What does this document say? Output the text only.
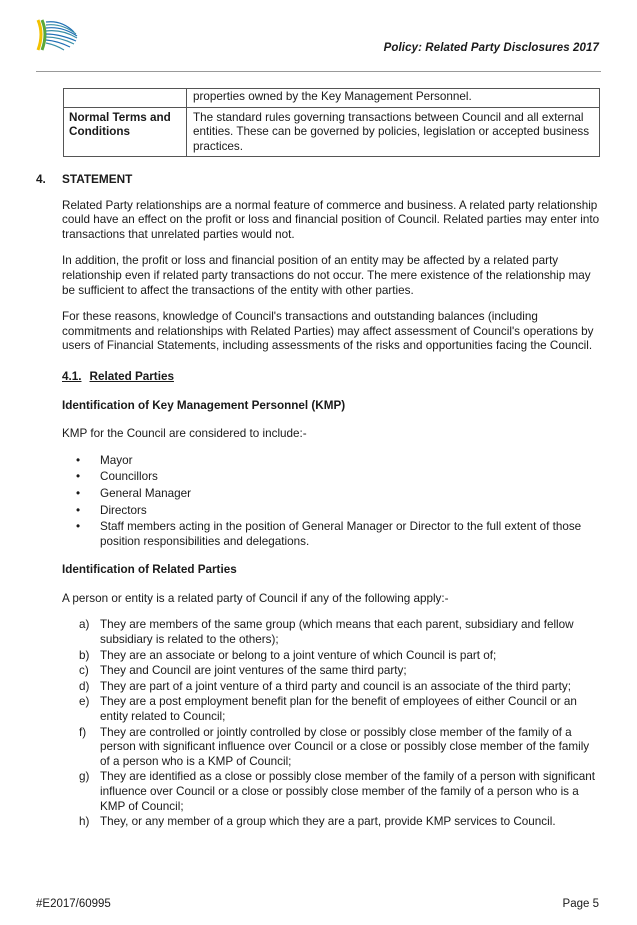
Policy: Related Party Disclosures 2017
	properties owned by the Key Management Personnel.
Normal Terms and Conditions	The standard rules governing transactions between Council and all external entities. These can be governed by policies, legislation or accepted business practices.
4.	STATEMENT

Related Party relationships are a normal feature of commerce and business. A related party relationship could have an effect on the profit or loss and financial position of Council. Related parties may enter into transactions that unrelated parties would not.

In addition, the profit or loss and financial position of an entity may be affected by a related party relationship even if related party transactions do not occur. The mere existence of the relationship may be sufficient to affect the transactions of the entity with other parties.

For these reasons, knowledge of Council's transactions and outstanding balances (including commitments and relationships with Related Parties) may affect assessment of Council's operations by users of Financial Statements, including assessments of the risks and opportunities facing the Council.

4.1. Related Parties
Identification of Key Management Personnel (KMP)

KMP for the Council are considered to include:-

•	Mayor
•	Councillors
•	General Manager
•	Directors
•	Staff members acting in the position of General Manager or Director to the full extent of those position responsibilities and delegations.
Identification of Related Parties

A person or entity is a related party of Council if any of the following apply:-

a) They are members of the same group (which means that each parent, subsidiary and fellow subsidiary is related to the others);
b) They are an associate or belong to a joint venture of which Council is part of;
c) They and Council are joint ventures of the same third party;
d) They are part of a joint venture of a third party and council is an associate of the third party;
e) They are a post employment benefit plan for the benefit of employees of either Council or an entity related to Council;
f)	They are controlled or jointly controlled by close or possibly close member of the family of a person with significant influence over Council or a close or possibly close member of the family of a person who is a KMP of Council;
g) They are identified as a close or possibly close member of the family of a person with significant influence over Council or a close or possibly close member of the family of a person who is a KMP of Council;
h) They, or any member of a group which they are a part, provide KMP services to Council.
#E2017/60995	Page 5
